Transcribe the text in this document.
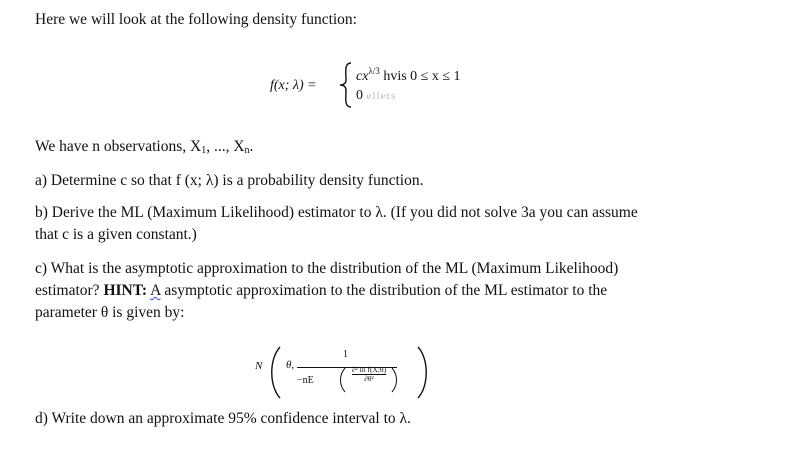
Here we will look at the following density function:
f(x; λ) =
$cx^{\lambda/3}$ hvis 0 ≤ x ≤ 1
0 ellers
We have n observations, $X_1$, ..., $X_n$.
a) Determine c so that f (x; λ) is a probability density function.
b) Derive the ML (Maximum Likelihood) estimator to λ. (If you did not solve 3a you can assume
that c is a given constant.)
c) What is the asymptotic approximation to the distribution of the ML (Maximum Likelihood)
estimator? HINT: A asymptotic approximation to the distribution of the ML estimator to the
parameter θ is given by:
N θ,
1
−nE	$\frac{\text{∂² ln f(X;θ)}}{\text{∂θ²}}$
d) Write down an approximate 95% confidence interval to λ.
